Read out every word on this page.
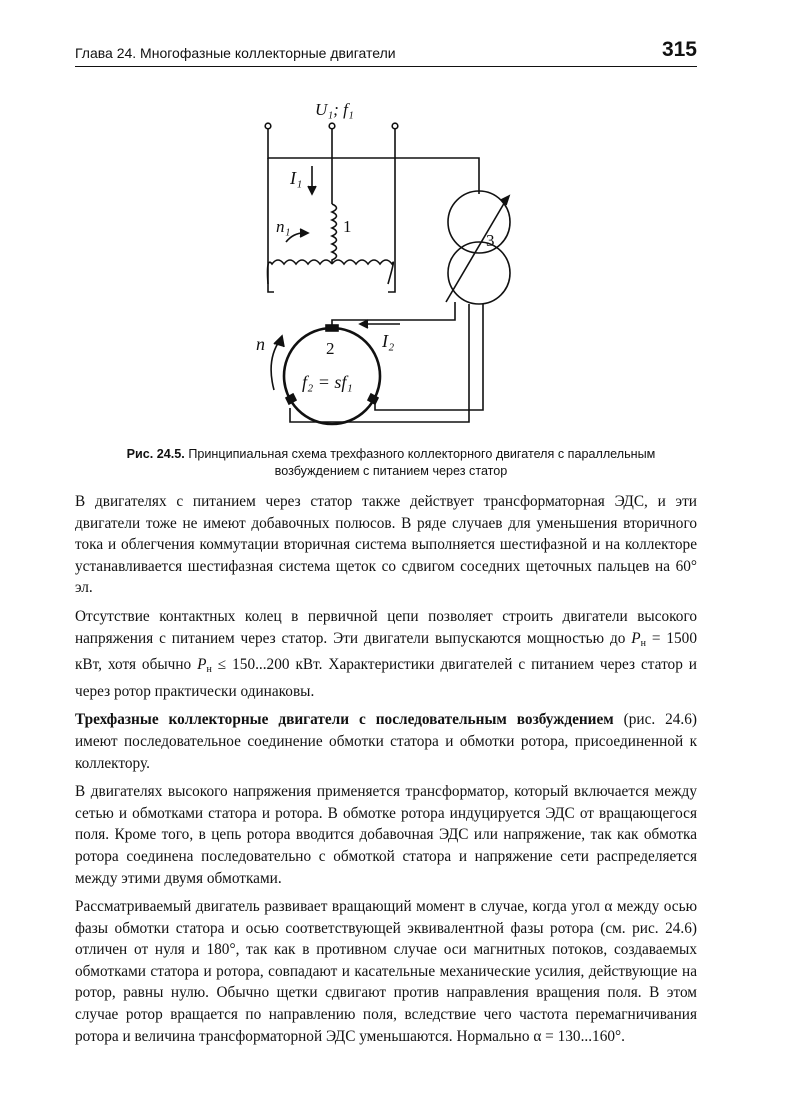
Глава 24. Многофазные коллекторные двигатели	315
U₁; f₁
I₁
n₁	1
3
I₂
2
f₂ = sf₁
n
Рис. 24.5. Принципиальная схема трехфазного коллекторного двигателя с параллельным возбуждением с питанием через статор

В двигателях с питанием через статор также действует трансформаторная ЭДС, и эти двигатели тоже не имеют добавочных полюсов. В ряде случаев для уменьшения вторичного тока и облегчения коммутации вторичная система выполняется шестифазной и на коллекторе устанавливается шестифазная система щеток со сдвигом соседних щеточных пальцев на 60° эл.

Отсутствие контактных колец в первичной цепи позволяет строить двигатели высокого напряжения с питанием через статор. Эти двигатели выпускаются мощностью до $P_н = 1500$ кВт, хотя обычно $P_н \le 150...200$ кВт. Характеристики двигателей с питанием через статор и через ротор практически одинаковы.

Трехфазные коллекторные двигатели с последовательным возбуждением (рис. 24.6) имеют последовательное соединение обмотки статора и обмотки ротора, присоединенной к коллектору.

В двигателях высокого напряжения применяется трансформатор, который включается между сетью и обмотками статора и ротора. В обмотке ротора индуцируется ЭДС от вращающегося поля. Кроме того, в цепь ротора вводится добавочная ЭДС или напряжение, так как обмотка ротора соединена последовательно с обмоткой статора и напряжение сети распределяется между этими двумя обмотками.

Рассматриваемый двигатель развивает вращающий момент в случае, когда угол α между осью фазы обмотки статора и осью соответствующей эквивалентной фазы ротора (см. рис. 24.6) отличен от нуля и 180°, так как в противном случае оси магнитных потоков, создаваемых обмотками статора и ротора, совпадают и касательные механические усилия, действующие на ротор, равны нулю. Обычно щетки сдвигают против направления вращения поля. В этом случае ротор вращается по направлению поля, вследствие чего частота перемагничивания ротора и величина трансформаторной ЭДС уменьшаются. Нормально α = 130...160°.
